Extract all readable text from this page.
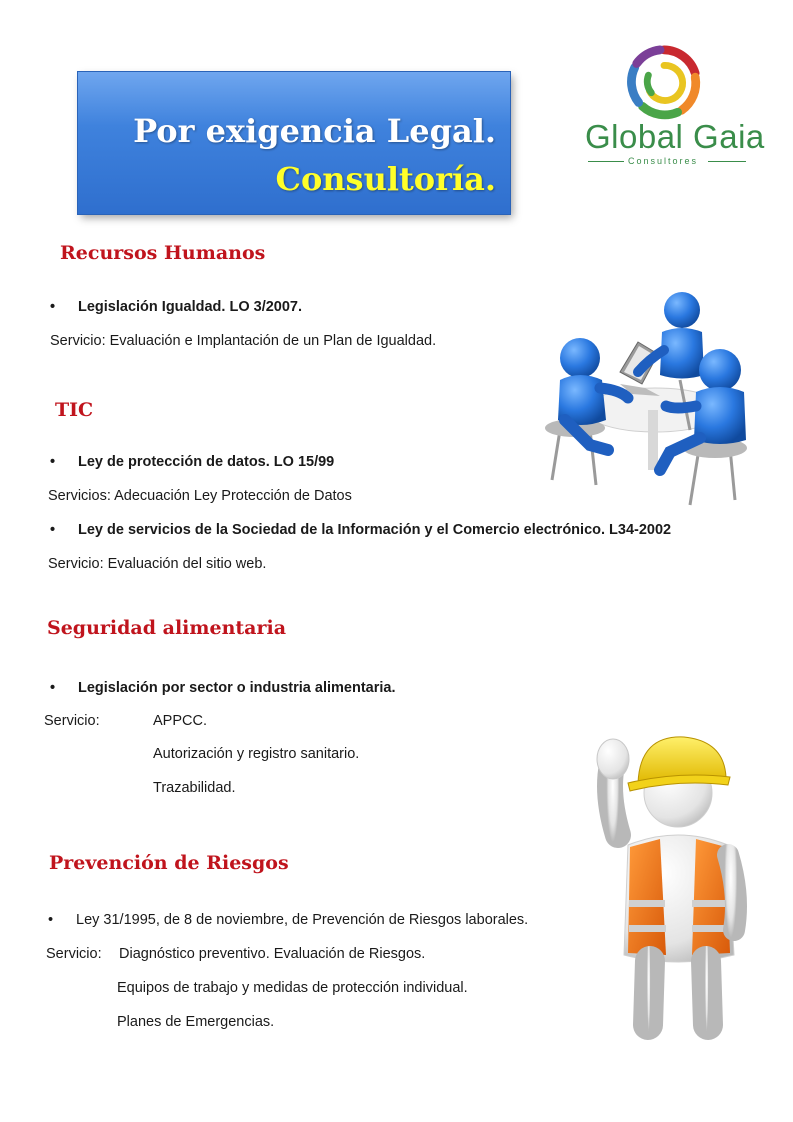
Por exigencia Legal.
Consultoría.
Global Gaia
Consultores
Recursos Humanos
• Legislación Igualdad. LO 3/2007.
Servicio: Evaluación e Implantación de un Plan de Igualdad.
TIC
• Ley de protección de datos. LO 15/99
Servicios: Adecuación Ley Protección de Datos
• Ley de servicios de la Sociedad de la Información y el Comercio electrónico. L34-2002
Servicio: Evaluación del sitio web.
Seguridad alimentaria
• Legislación por sector o industria alimentaria.
Servicio:	APPCC.
Autorización y registro sanitario.
Trazabilidad.
Prevención de Riesgos
• Ley 31/1995, de 8 de noviembre, de Prevención de Riesgos laborales.
Servicio: Diagnóstico preventivo. Evaluación de Riesgos.
Equipos de trabajo y medidas de protección individual.
Planes de Emergencias.
